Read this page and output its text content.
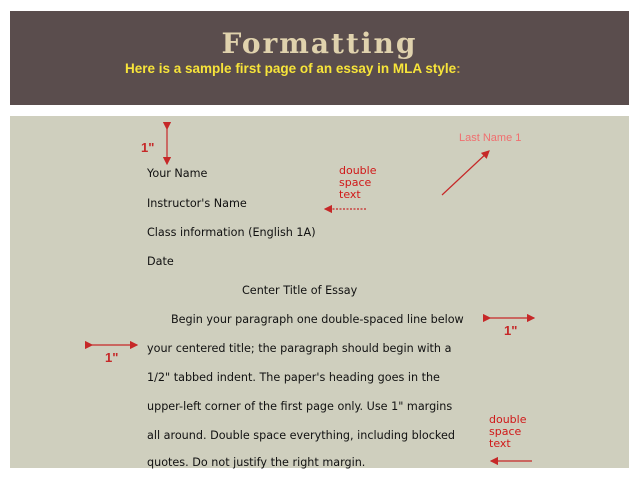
Formatting
Here is a sample first page of an essay in MLA style:
Last Name 1
Your Name
Instructor's Name
Class information (English 1A)
Date
Center Title of Essay
Begin your paragraph one double-spaced line below
your centered title; the paragraph should begin with a
1/2" tabbed indent. The paper's heading goes in the
upper-left corner of the first page only. Use 1" margins
all around. Double space everything, including blocked
quotes. Do not justify the right margin.
1"
1"
1"
double
space
text
double
space
text
